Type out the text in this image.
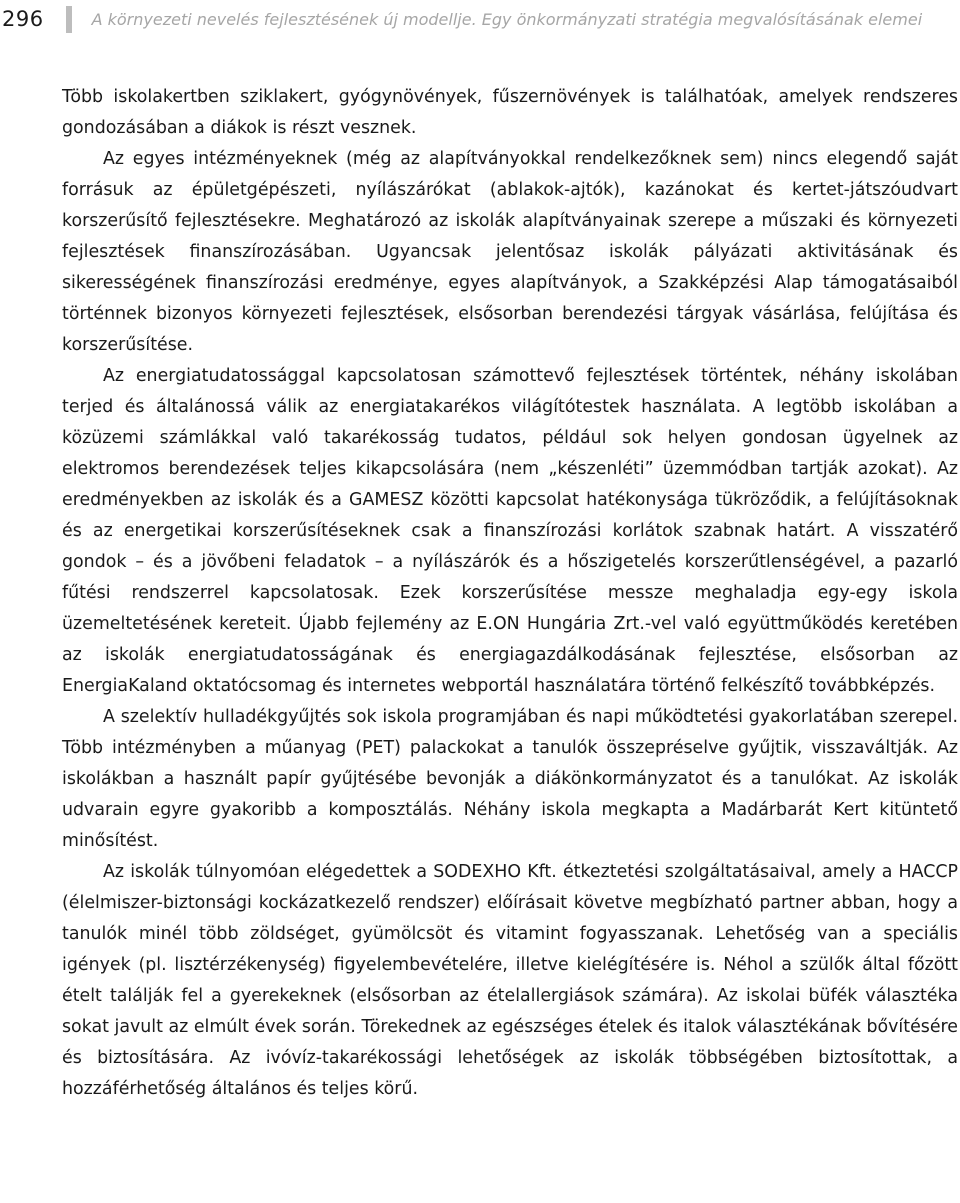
296	A környezeti nevelés fejlesztésének új modellje. Egy önkormányzati stratégia megvalósításának elemei

Több iskolakertben sziklakert, gyógynövények, fűszernövények is találhatóak, amelyek rendszeres gondozásában a diákok is részt vesznek.

Az egyes intézményeknek (még az alapítványokkal rendelkezőknek sem) nincs elegendő saját forrásuk az épületgépészeti, nyílászárókat (ablakok-ajtók), kazánokat és kertet-játszóudvart korszerűsítő fejlesztésekre. Meghatározó az iskolák alapítványainak szerepe a műszaki és környezeti fejlesztések finanszírozásában. Ugyancsak jelentősaz iskolák pályázati aktivitásának és sikerességének finanszírozási eredménye, egyes alapítványok, a Szakképzési Alap támogatásaiból történnek bizonyos környezeti fejlesztések, elsősorban berendezési tárgyak vásárlása, felújítása és korszerűsítése.

Az energiatudatossággal kapcsolatosan számottevő fejlesztések történtek, néhány iskolában terjed és általánossá válik az energiatakarékos világítótestek használata. A legtöbb iskolában a közüzemi számlákkal való takarékosság tudatos, például sok helyen gondosan ügyelnek az elektromos berendezések teljes kikapcsolására (nem „készenléti” üzemmódban tartják azokat). Az eredményekben az iskolák és a GAMESZ közötti kapcsolat hatékonysága tükröződik, a felújításoknak és az energetikai korszerűsítéseknek csak a finanszírozási korlátok szabnak határt. A visszatérő gondok – és a jövőbeni feladatok – a nyílászárók és a hőszigetelés korszerűtlenségével, a pazarló fűtési rendszerrel kapcsolatosak. Ezek korszerűsítése messze meghaladja egy-egy iskola üzemeltetésének kereteit. Újabb fejlemény az E.ON Hungária Zrt.-vel való együttműködés keretében az iskolák energiatudatosságának és energiagazdálkodásának fejlesztése, elsősorban az EnergiaKaland oktatócsomag és internetes webportál használatára történő felkészítő továbbképzés.

A szelektív hulladékgyűjtés sok iskola programjában és napi működtetési gyakorlatában szerepel. Több intézményben a műanyag (PET) palackokat a tanulók összepréselve gyűjtik, visszaváltják. Az iskolákban a használt papír gyűjtésébe bevonják a diákönkormányzatot és a tanulókat. Az iskolák udvarain egyre gyakoribb a komposztálás. Néhány iskola megkapta a Madárbarát Kert kitüntető minősítést.

Az iskolák túlnyomóan elégedettek a SODEXHO Kft. étkeztetési szolgáltatásaival, amely a HACCP (élelmiszer-biztonsági kockázatkezelő rendszer) előírásait követve megbízható partner abban, hogy a tanulók minél több zöldséget, gyümölcsöt és vitamint fogyasszanak. Lehetőség van a speciális igények (pl. lisztérzékenység) figyelembevételére, illetve kielégítésére is. Néhol a szülők által főzött ételt találják fel a gyerekeknek (elsősorban az ételallergiások számára). Az iskolai büfék választéka sokat javult az elmúlt évek során. Törekednek az egészséges ételek és italok választékának bővítésére és biztosítására. Az ivóvíz-takarékossági lehetőségek az iskolák többségében biztosítottak, a hozzáférhetőség általános és teljes körű.
